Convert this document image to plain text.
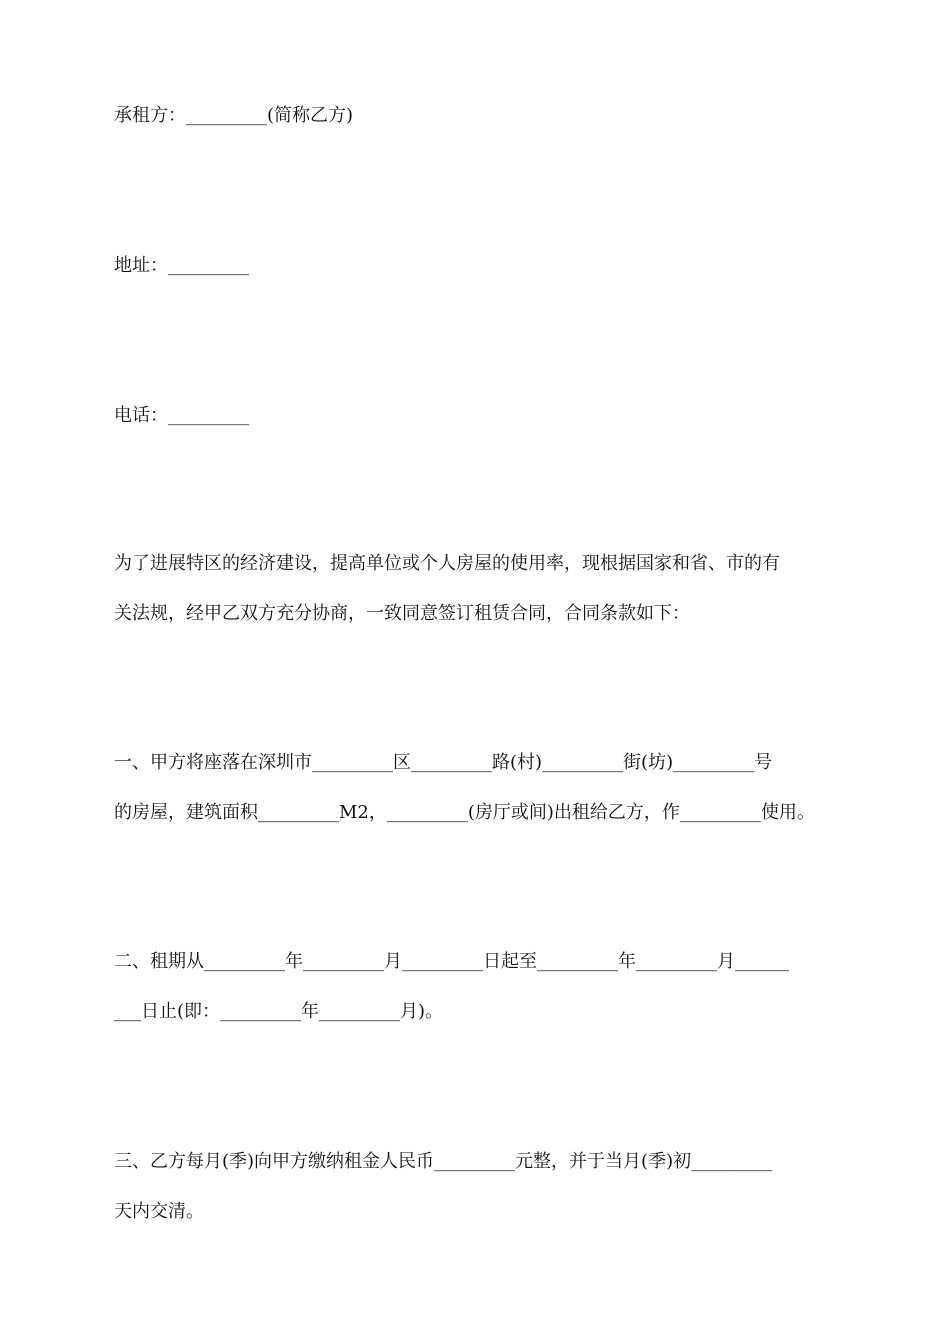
承租方：_________(简称乙方)

地址：_________

电话：_________

为了进展特区的经济建设，提高单位或个人房屋的使用率，现根据国家和省、市的有

关法规，经甲乙双方充分协商，一致同意签订租赁合同，合同条款如下：

一、甲方将座落在深圳市_________区_________路(村)_________街(坊)_________号

的房屋，建筑面积_________M2，_________(房厅或间)出租给乙方，作_________使用。

二、租期从_________年_________月_________日起至_________年_________月______

___日止(即：_________年_________月)。

三、乙方每月(季)向甲方缴纳租金人民币_________元整，并于当月(季)初_________

天内交清。
